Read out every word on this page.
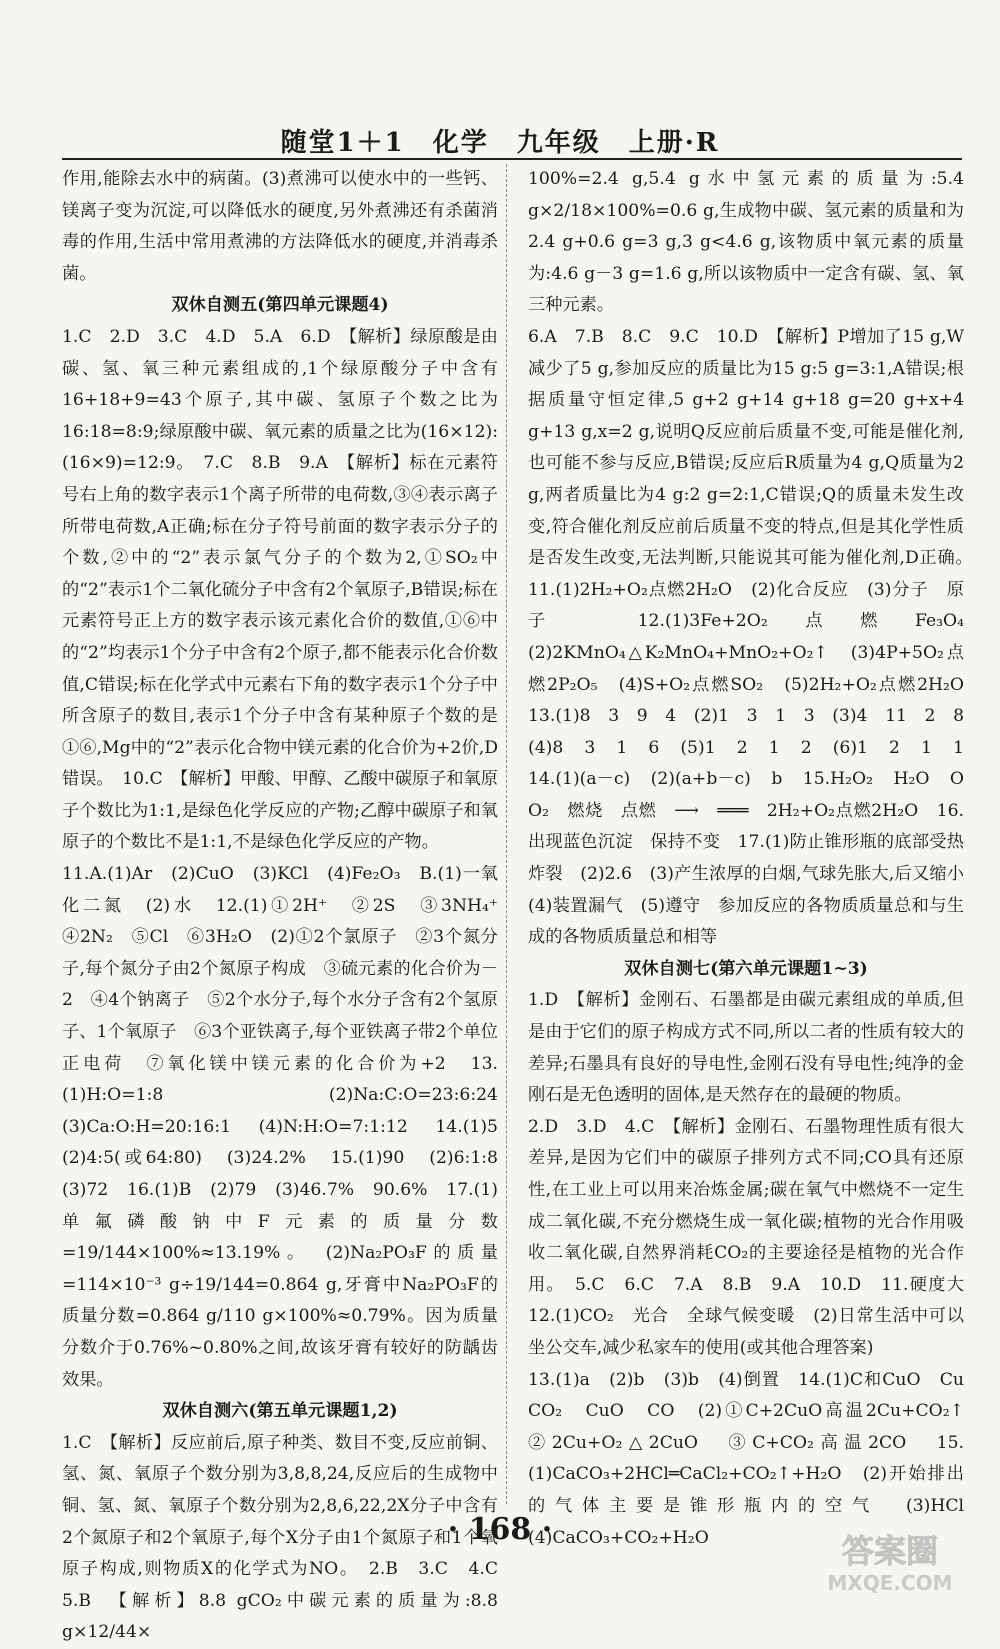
随堂1＋1　化学　九年级　上册·R

作用,能除去水中的病菌。(3)煮沸可以使水中的一些钙、镁离子变为沉淀,可以降低水的硬度,另外煮沸还有杀菌消毒的作用,生活中常用煮沸的方法降低水的硬度,并消毒杀菌。

双休自测五(第四单元课题4)

1.C　2.D　3.C　4.D　5.A　6.D　【解析】绿原酸是由碳、氢、氧三种元素组成的,1个绿原酸分子中含有16+18+9=43个原子,其中碳、氢原子个数之比为16:18=8:9;绿原酸中碳、氧元素的质量之比为(16×12):(16×9)=12:9。　7.C　8.B　9.A　【解析】标在元素符号右上角的数字表示1个离子所带的电荷数,③④表示离子所带电荷数,A正确;标在分子符号前面的数字表示分子的个数,②中的“2”表示氯气分子的个数为2,①SO₂中的“2”表示1个二氧化硫分子中含有2个氧原子,B错误;标在元素符号正上方的数字表示该元素化合价的数值,①⑥中的“2”均表示1个分子中含有2个原子,都不能表示化合价数值,C错误;标在化学式中元素右下角的数字表示1个分子中所含原子的数目,表示1个分子中含有某种原子个数的是①⑥,Mg中的“2”表示化合物中镁元素的化合价为+2价,D错误。　10.C　【解析】甲酸、甲醇、乙酸中碳原子和氧原子个数比为1:1,是绿色化学反应的产物;乙醇中碳原子和氧原子的个数比不是1:1,不是绿色化学反应的产物。

11.A.(1)Ar　(2)CuO　(3)KCl　(4)Fe₂O₃　B.(1)一氧化二氮　(2)水　12.(1)①2H⁺　②2S　③3NH₄⁺　④2N₂　⑤Cl　⑥3H₂O　(2)①2个氯原子　②3个氮分子,每个氮分子由2个氮原子构成　③硫元素的化合价为－2　④4个钠离子　⑤2个水分子,每个水分子含有2个氢原子、1个氧原子　⑥3个亚铁离子,每个亚铁离子带2个单位正电荷　⑦氧化镁中镁元素的化合价为+2　13.(1)H:O=1:8　(2)Na:C:O=23:6:24　(3)Ca:O:H=20:16:1　(4)N:H:O=7:1:12　14.(1)5　(2)4:5(或64:80)　(3)24.2%　15.(1)90　(2)6:1:8　(3)72　16.(1)B　(2)79　(3)46.7%　90.6%　17.(1)单氟磷酸钠中F元素的质量分数=19/144×100%≈13.19%。　(2)Na₂PO₃F的质量=114×10⁻³ g÷19/144=0.864 g,牙膏中Na₂PO₃F的质量分数=0.864 g/110 g×100%≈0.79%。因为质量分数介于0.76%~0.80%之间,故该牙膏有较好的防龋齿效果。

双休自测六(第五单元课题1,2)

1.C　【解析】反应前后,原子种类、数目不变,反应前铜、氢、氮、氧原子个数分别为3,8,8,24,反应后的生成物中铜、氢、氮、氧原子个数分别为2,8,6,22,2X分子中含有2个氮原子和2个氧原子,每个X分子由1个氮原子和1个氧原子构成,则物质X的化学式为NO。　2.B　3.C　4.C　5.B　【解析】8.8 gCO₂中碳元素的质量为:8.8 g×12/44×

100%=2.4 g,5.4 g水中氢元素的质量为:5.4 g×2/18×100%=0.6 g,生成物中碳、氢元素的质量和为2.4 g+0.6 g=3 g,3 g<4.6 g,该物质中氧元素的质量为:4.6 g－3 g=1.6 g,所以该物质中一定含有碳、氢、氧三种元素。

6.A　7.B　8.C　9.C　10.D　【解析】P增加了15 g,W减少了5 g,参加反应的质量比为15 g:5 g=3:1,A错误;根据质量守恒定律,5 g+2 g+14 g+18 g=20 g+x+4 g+13 g,x=2 g,说明Q反应前后质量不变,可能是催化剂,也可能不参与反应,B错误;反应后R质量为4 g,Q质量为2 g,两者质量比为4 g:2 g=2:1,C错误;Q的质量未发生改变,符合催化剂反应前后质量不变的特点,但是其化学性质是否发生改变,无法判断,只能说其可能为催化剂,D正确。　11.(1)2H₂+O₂点燃2H₂O　(2)化合反应　(3)分子　原子　12.(1)3Fe+2O₂点燃Fe₃O₄　(2)2KMnO₄△K₂MnO₄+MnO₂+O₂↑　(3)4P+5O₂点燃2P₂O₅　(4)S+O₂点燃SO₂　(5)2H₂+O₂点燃2H₂O　13.(1)8　3　9　4　(2)1　3　1　3　(3)4　11　2　8　(4)8　3　1　6　(5)1　2　1　2　(6)1　2　1　1　14.(1)(a－c)　(2)(a+b－c)　b　15.H₂O₂　H₂O　O　O₂　燃烧　点燃　⟶　═══　2H₂+O₂点燃2H₂O　16.出现蓝色沉淀　保持不变　17.(1)防止锥形瓶的底部受热炸裂　(2)2.6　(3)产生浓厚的白烟,气球先胀大,后又缩小　(4)装置漏气　(5)遵守　参加反应的各物质质量总和与生成的各物质质量总和相等

双休自测七(第六单元课题1~3)

1.D　【解析】金刚石、石墨都是由碳元素组成的单质,但是由于它们的原子构成方式不同,所以二者的性质有较大的差异;石墨具有良好的导电性,金刚石没有导电性;纯净的金刚石是无色透明的固体,是天然存在的最硬的物质。

2.D　3.D　4.C　【解析】金刚石、石墨物理性质有很大差异,是因为它们中的碳原子排列方式不同;CO具有还原性,在工业上可以用来冶炼金属;碳在氧气中燃烧不一定生成二氧化碳,不充分燃烧生成一氧化碳;植物的光合作用吸收二氧化碳,自然界消耗CO₂的主要途径是植物的光合作用。　5.C　6.C　7.A　8.B　9.A　10.D　11.硬度大　12.(1)CO₂　光合　全球气候变暖　(2)日常生活中可以坐公交车,减少私家车的使用(或其他合理答案)

13.(1)a　(2)b　(3)b　(4)倒置　14.(1)C和CuO　Cu　CO₂　CuO　CO　(2)①C+2CuO高温2Cu+CO₂↑　②2Cu+O₂△2CuO　③C+CO₂高温2CO　15.(1)CaCO₃+2HCl═CaCl₂+CO₂↑+H₂O　(2)开始排出的气体主要是锥形瓶内的空气　(3)HCl　(4)CaCO₃+CO₂+H₂O

· 168 ·
答案圈
MXQE.COM
